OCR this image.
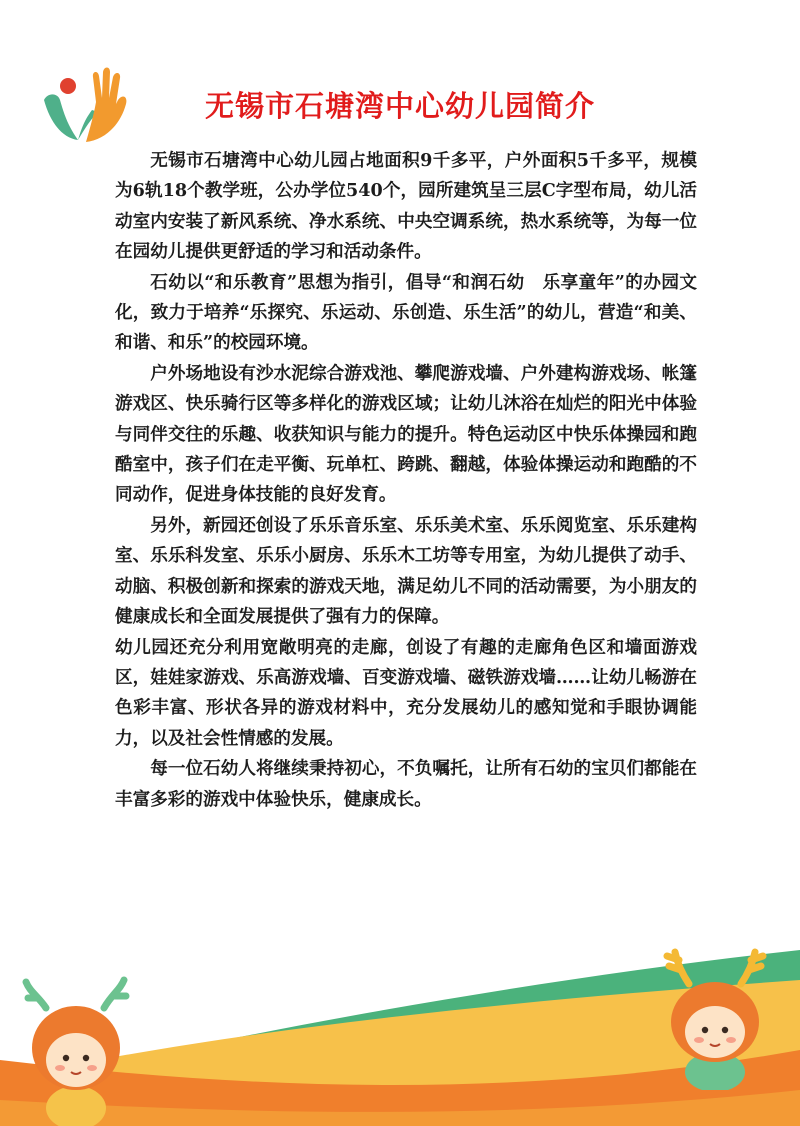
无锡市石塘湾中心幼儿园简介

无锡市石塘湾中心幼儿园占地面积9千多平，户外面积5千多平，规模为6轨18个教学班，公办学位540个，园所建筑呈三层C字型布局，幼儿活动室内安装了新风系统、净水系统、中央空调系统，热水系统等，为每一位在园幼儿提供更舒适的学习和活动条件。

石幼以“和乐教育”思想为指引，倡导“和润石幼　乐享童年”的办园文化，致力于培养“乐探究、乐运动、乐创造、乐生活”的幼儿，营造“和美、和谐、和乐”的校园环境。

户外场地设有沙水泥综合游戏池、攀爬游戏墙、户外建构游戏场、帐篷游戏区、快乐骑行区等多样化的游戏区域；让幼儿沐浴在灿烂的阳光中体验与同伴交往的乐趣、收获知识与能力的提升。特色运动区中快乐体操园和跑酷室中，孩子们在走平衡、玩单杠、跨跳、翻越，体验体操运动和跑酷的不同动作，促进身体技能的良好发育。

另外，新园还创设了乐乐音乐室、乐乐美术室、乐乐阅览室、乐乐建构室、乐乐科发室、乐乐小厨房、乐乐木工坊等专用室，为幼儿提供了动手、动脑、积极创新和探索的游戏天地，满足幼儿不同的活动需要，为小朋友的健康成长和全面发展提供了强有力的保障。

幼儿园还充分利用宽敞明亮的走廊，创设了有趣的走廊角色区和墙面游戏区，娃娃家游戏、乐高游戏墙、百变游戏墙、磁铁游戏墙……让幼儿畅游在色彩丰富、形状各异的游戏材料中，充分发展幼儿的感知觉和手眼协调能力，以及社会性情感的发展。

每一位石幼人将继续秉持初心，不负嘱托，让所有石幼的宝贝们都能在丰富多彩的游戏中体验快乐，健康成长。
